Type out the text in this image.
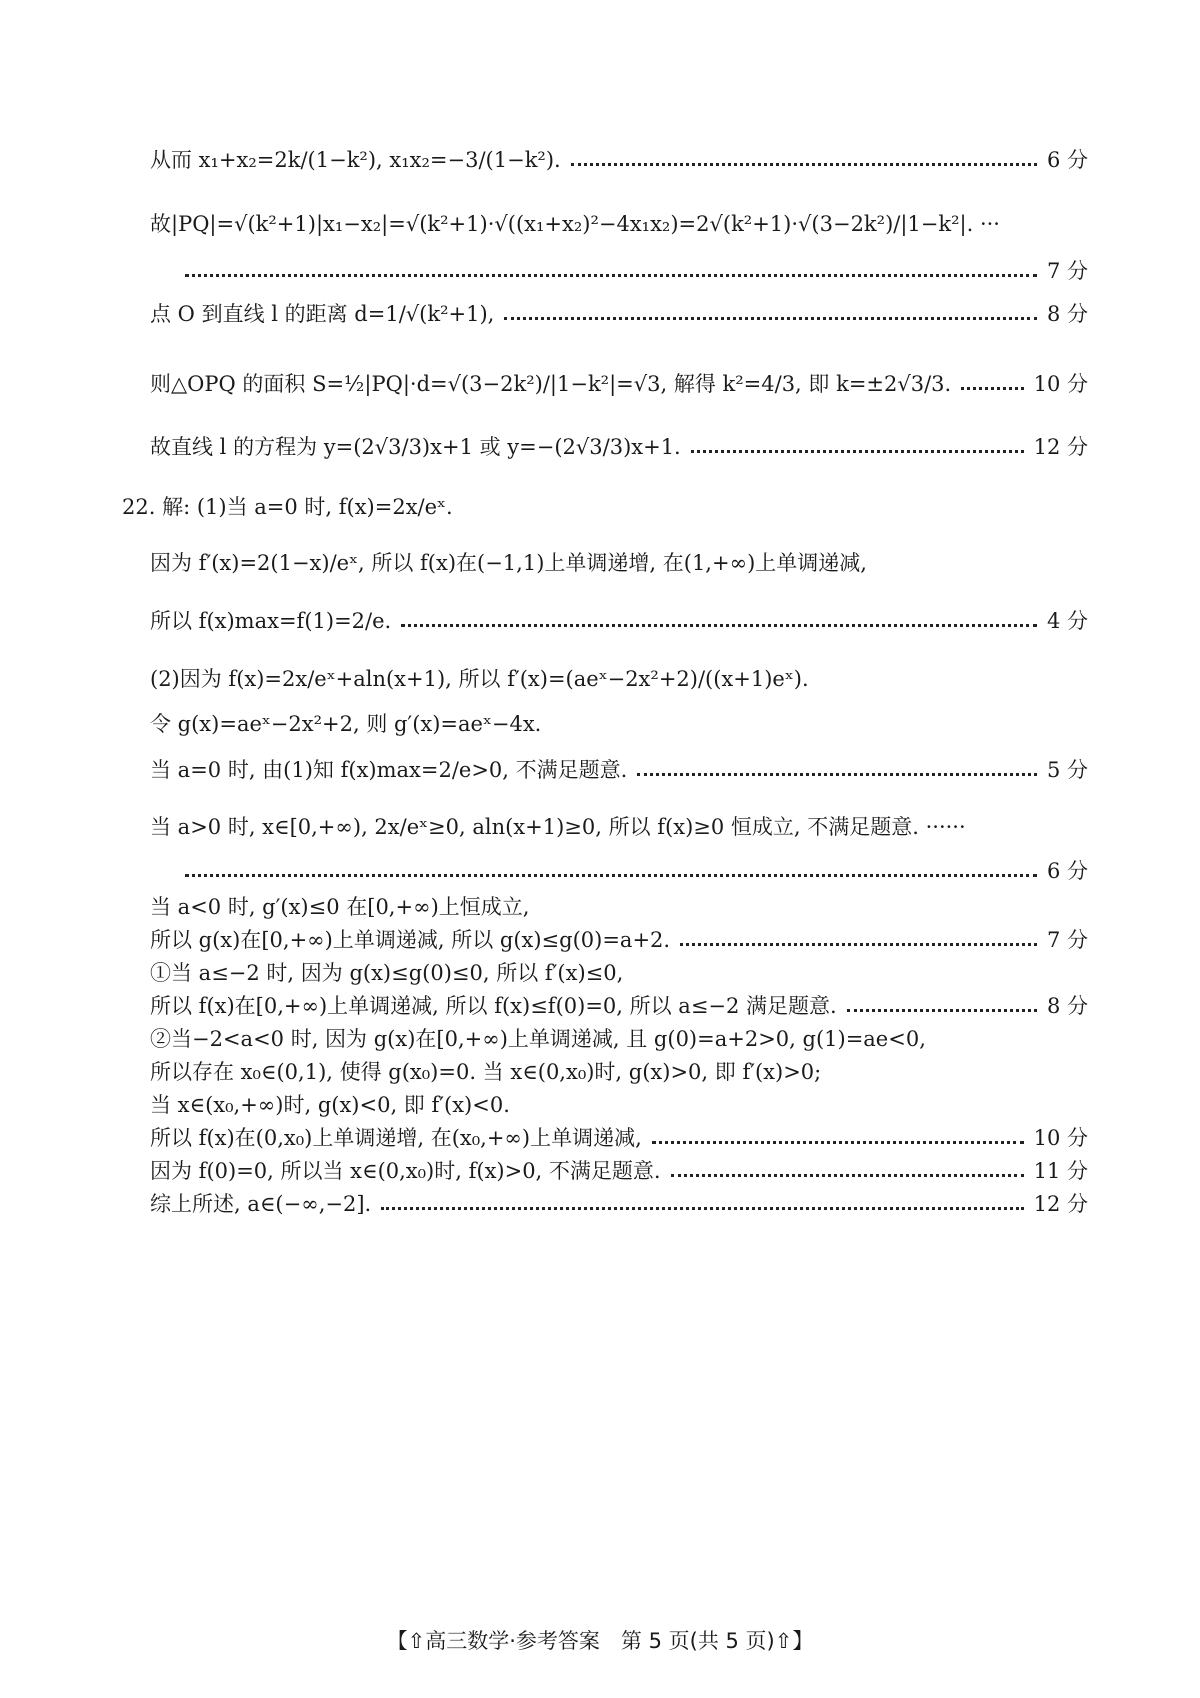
从而 x₁+x₂=2k/(1−k²), x₁x₂=−3/(1−k²).	6 分
故|PQ|=√(k²+1)|x₁−x₂|=√(k²+1)·√((x₁+x₂)²−4x₁x₂)=2√(k²+1)·√(3−2k²)/|1−k²|. ···
7 分
点 O 到直线 l 的距离 d=1/√(k²+1),	8 分
则△OPQ 的面积 S=½|PQ|·d=√(3−2k²)/|1−k²|=√3, 解得 k²=4/3, 即 k=±2√3/3.	10 分
故直线 l 的方程为 y=(2√3/3)x+1 或 y=−(2√3/3)x+1.	12 分
22. 解: (1)当 a=0 时, f(x)=2x/eˣ.
因为 f′(x)=2(1−x)/eˣ, 所以 f(x)在(−1,1)上单调递增, 在(1,+∞)上单调递减,
所以 f(x)max=f(1)=2/e.	4 分
(2)因为 f(x)=2x/eˣ+aln(x+1), 所以 f′(x)=(aeˣ−2x²+2)/((x+1)eˣ).
令 g(x)=aeˣ−2x²+2, 则 g′(x)=aeˣ−4x.
当 a=0 时, 由(1)知 f(x)max=2/e>0, 不满足题意.	5 分
当 a>0 时, x∈[0,+∞), 2x/eˣ≥0, aln(x+1)≥0, 所以 f(x)≥0 恒成立, 不满足题意. ······
6 分
当 a<0 时, g′(x)≤0 在[0,+∞)上恒成立,
所以 g(x)在[0,+∞)上单调递减, 所以 g(x)≤g(0)=a+2.	7 分
①当 a≤−2 时, 因为 g(x)≤g(0)≤0, 所以 f′(x)≤0,
所以 f(x)在[0,+∞)上单调递减, 所以 f(x)≤f(0)=0, 所以 a≤−2 满足题意.	8 分
②当−2<a<0 时, 因为 g(x)在[0,+∞)上单调递减, 且 g(0)=a+2>0, g(1)=ae<0,
所以存在 x₀∈(0,1), 使得 g(x₀)=0. 当 x∈(0,x₀)时, g(x)>0, 即 f′(x)>0;
当 x∈(x₀,+∞)时, g(x)<0, 即 f′(x)<0.
所以 f(x)在(0,x₀)上单调递增, 在(x₀,+∞)上单调递减,	10 分
因为 f(0)=0, 所以当 x∈(0,x₀)时, f(x)>0, 不满足题意.	11 分
综上所述, a∈(−∞,−2].	12 分
【⇧高三数学·参考答案　第 5 页(共 5 页)⇧】
